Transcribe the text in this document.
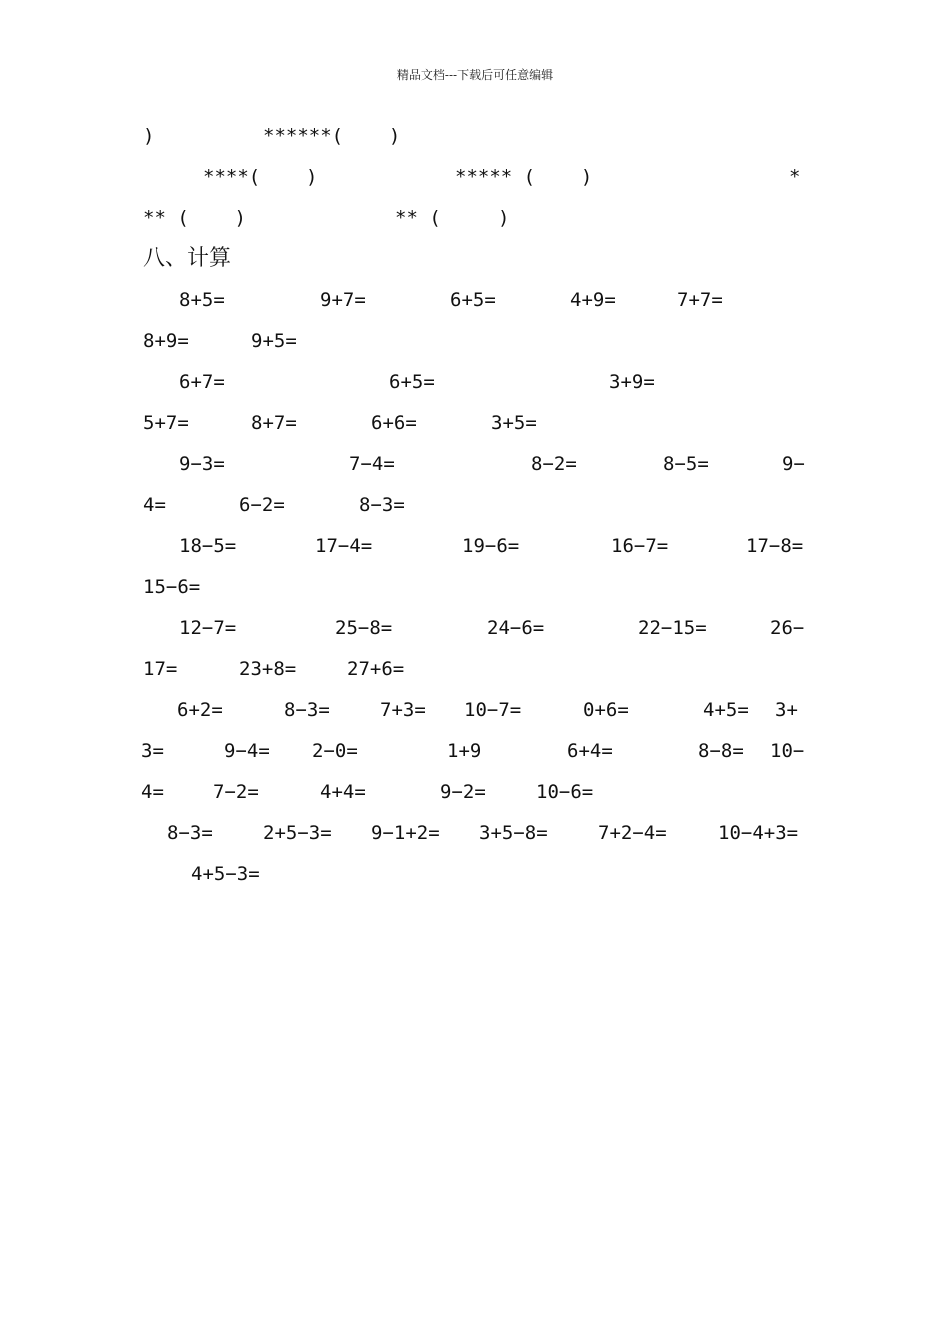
精品文档---下载后可任意编辑
)	******(    )
****(    )	***** (    )	*
** (    )	** (     )
八、计算
8+5=	9+7=	6+5=	4+9=	7+7=
8+9=	9+5=
6+7=	6+5=	3+9=
5+7=	8+7=	6+6=	3+5=
9−3=	7−4=	8−2=	8−5=	9−
4=	6−2=	8−3=
18−5=	17−4=	19−6=	16−7=	17−8=
15−6=
12−7=	25−8=	24−6=	22−15=	26−
17=	23+8=	27+6=
6+2=	8−3=	7+3= 10−7=	0+6=	4+5= 3+
3=	9−4= 2−0=	1+9	6+4=	8−8= 10−
4=	7−2=	4+4=	9−2=	10−6=
8−3=	2+5−3= 9−1+2= 3+5−8=	7+2−4=	10−4+3=
4+5−3=
